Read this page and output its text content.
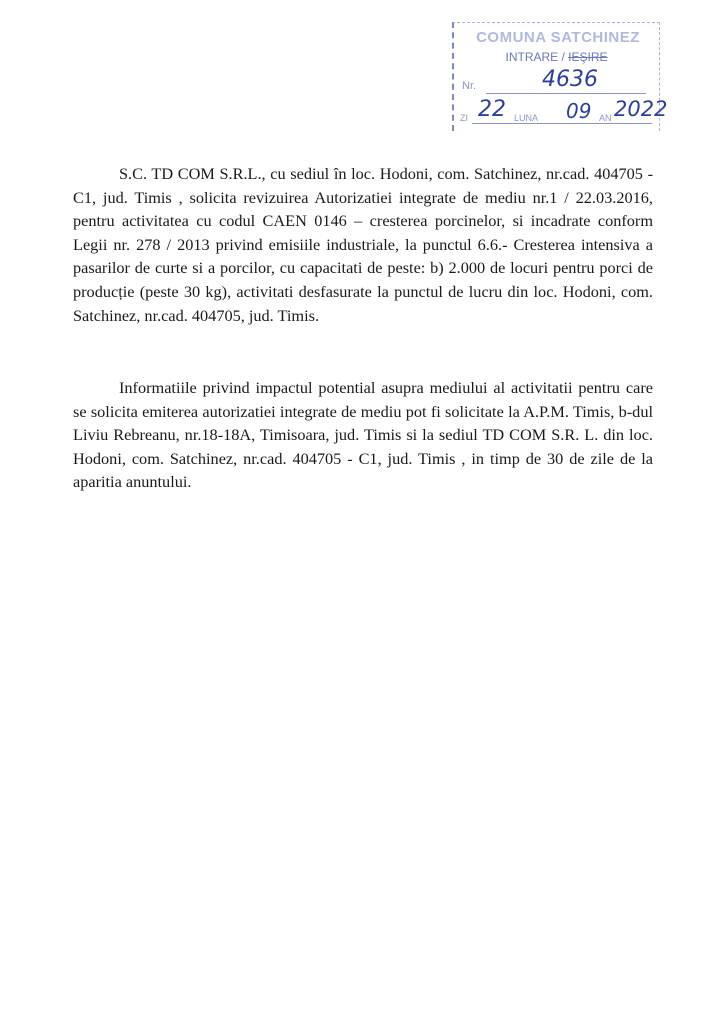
COMUNA SATCHINEZ
INTRARE / IEŞIRE
Nr.	4636
ZI 22 LUNA 09 AN 2022

S.C. TD COM S.R.L., cu sediul în loc. Hodoni, com. Satchinez, nr.cad. 404705 - C1, jud. Timis , solicita revizuirea Autorizatiei integrate de mediu nr.1 / 22.03.2016, pentru activitatea cu codul CAEN 0146 – cresterea porcinelor, si incadrate conform Legii nr. 278 / 2013 privind emisiile industriale, la punctul 6.6.- Cresterea intensiva a pasarilor de curte si a porcilor, cu capacitati de peste: b) 2.000 de locuri pentru porci de producție (peste 30 kg), activitati desfasurate la punctul de lucru din loc. Hodoni, com. Satchinez, nr.cad. 404705, jud. Timis.

Informatiile privind impactul potential asupra mediului al activitatii pentru care se solicita emiterea autorizatiei integrate de mediu pot fi solicitate la A.P.M. Timis, b-dul Liviu Rebreanu, nr.18-18A, Timisoara, jud. Timis si la sediul TD COM S.R. L. din loc. Hodoni, com. Satchinez, nr.cad. 404705 - C1, jud. Timis , in timp de 30 de zile de la aparitia anuntului.
